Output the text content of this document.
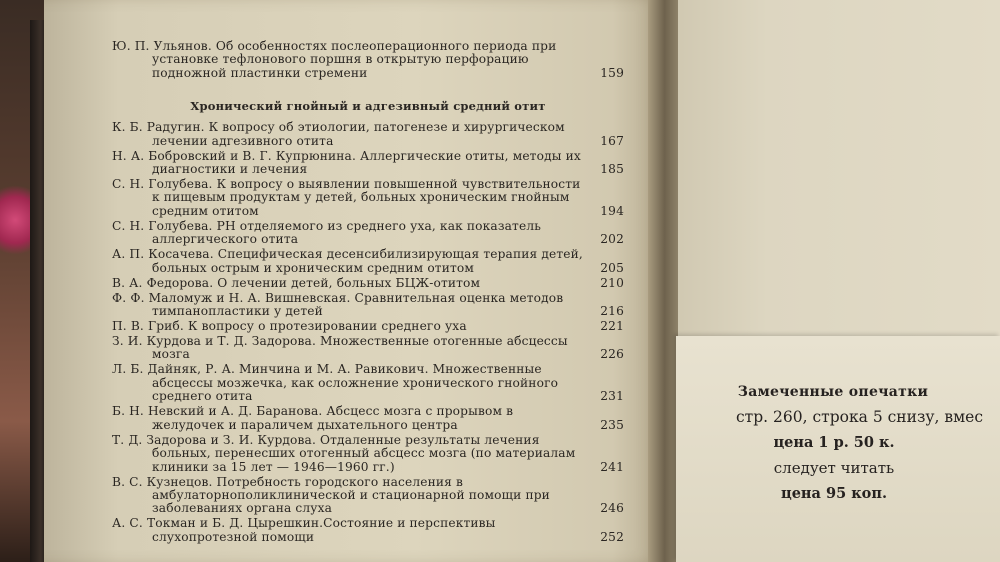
Ю. П. Ульянов. Об особенностях послеоперационного периода при установке тефлонового поршня в открытую перфорацию подножной пластинки стремени	159
Хронический гнойный и адгезивный средний отит
К. Б. Радугин. К вопросу об этиологии, патогенезе и хирургическом лечении адгезивного отита	167
Н. А. Бобровский и В. Г. Купрюнина. Аллергические отиты, методы их диагностики и лечения	185
С. Н. Голубева. К вопросу о выявлении повышенной чувствительности к пищевым продуктам у детей, больных хроническим гнойным средним отитом	194
С. Н. Голубева. РН отделяемого из среднего уха, как показатель аллергического отита	202
А. П. Косачева. Специфическая десенсибилизирующая терапия детей, больных острым и хроническим средним отитом	205
В. А. Федорова. О лечении детей, больных БЦЖ-отитом	210
Ф. Ф. Маломуж и Н. А. Вишневская. Сравнительная оценка методов тимпанопластики у детей	216
П. В. Гриб. К вопросу о протезировании среднего уха	221
З. И. Курдова и Т. Д. Задорова. Множественные отогенные абсцессы мозга	226
Л. Б. Дайняк, Р. А. Минчина и М. А. Равикович. Множественные абсцессы мозжечка, как осложнение хронического гнойного среднего отита	231
Б. Н. Невский и А. Д. Баранова. Абсцесс мозга с прорывом в желудочек и параличем дыхательного центра	235
Т. Д. Задорова и З. И. Курдова. Отдаленные результаты лечения больных, перенесших отогенный абсцесс мозга (по материалам клиники за 15 лет — 1946—1960 гг.)	241
В. С. Кузнецов. Потребность городского населения в амбулаторнополиклинической и стационарной помощи при заболеваниях органа слуха	246
А. С. Токман и Б. Д. Цырешкин.Состояние и перспективы слухопротезной помощи	252
Замеченные опечатки
стр. 260, строка 5 снизу, вмес
цена 1 р. 50 к.
следует читать
цена 95 коп.
